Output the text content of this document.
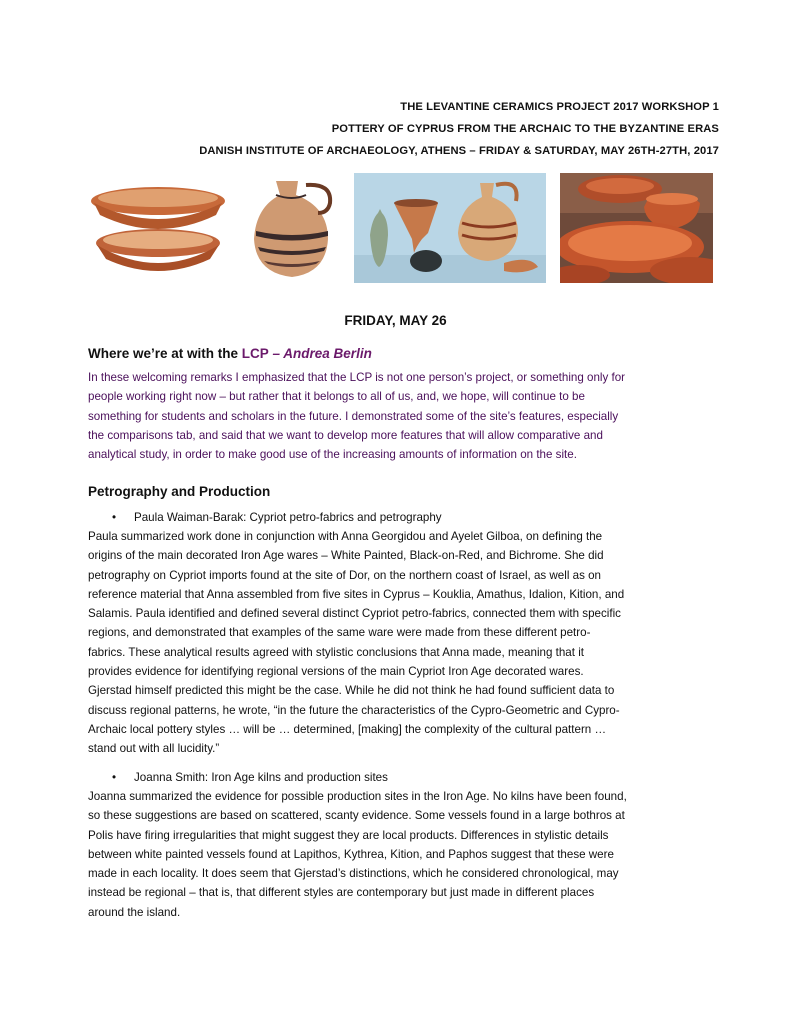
THE LEVANTINE CERAMICS PROJECT 2017 WORKSHOP 1
POTTERY OF CYPRUS FROM THE ARCHAIC TO THE BYZANTINE ERAS
DANISH INSTITUTE OF ARCHAEOLOGY, ATHENS – FRIDAY & SATURDAY, MAY 26TH-27TH, 2017
FRIDAY, MAY 26
Where we’re at with the LCP – Andrea Berlin
In these welcoming remarks I emphasized that the LCP is not one person’s project, or something only for
people working right now – but rather that it belongs to all of us, and, we hope, will continue to be
something for students and scholars in the future. I demonstrated some of the site’s features, especially
the comparisons tab, and said that we want to develop more features that will allow comparative and
analytical study, in order to make good use of the increasing amounts of information on the site.
Petrography and Production
• Paula Waiman-Barak: Cypriot petro-fabrics and petrography
Paula summarized work done in conjunction with Anna Georgidou and Ayelet Gilboa, on defining the
origins of the main decorated Iron Age wares – White Painted, Black-on-Red, and Bichrome. She did
petrography on Cypriot imports found at the site of Dor, on the northern coast of Israel, as well as on
reference material that Anna assembled from five sites in Cyprus – Kouklia, Amathus, Idalion, Kition, and
Salamis. Paula identified and defined several distinct Cypriot petro-fabrics, connected them with specific
regions, and demonstrated that examples of the same ware were made from these different petro-
fabrics. These analytical results agreed with stylistic conclusions that Anna made, meaning that it
provides evidence for identifying regional versions of the main Cypriot Iron Age decorated wares.
Gjerstad himself predicted this might be the case. While he did not think he had found sufficient data to
discuss regional patterns, he wrote, “in the future the characteristics of the Cypro-Geometric and Cypro-
Archaic local pottery styles … will be … determined, [making] the complexity of the cultural pattern …
stand out with all lucidity.”
• Joanna Smith: Iron Age kilns and production sites
Joanna summarized the evidence for possible production sites in the Iron Age. No kilns have been found,
so these suggestions are based on scattered, scanty evidence. Some vessels found in a large bothros at
Polis have firing irregularities that might suggest they are local products. Differences in stylistic details
between white painted vessels found at Lapithos, Kythrea, Kition, and Paphos suggest that these were
made in each locality. It does seem that Gjerstad’s distinctions, which he considered chronological, may
instead be regional – that is, that different styles are contemporary but just made in different places
around the island.
